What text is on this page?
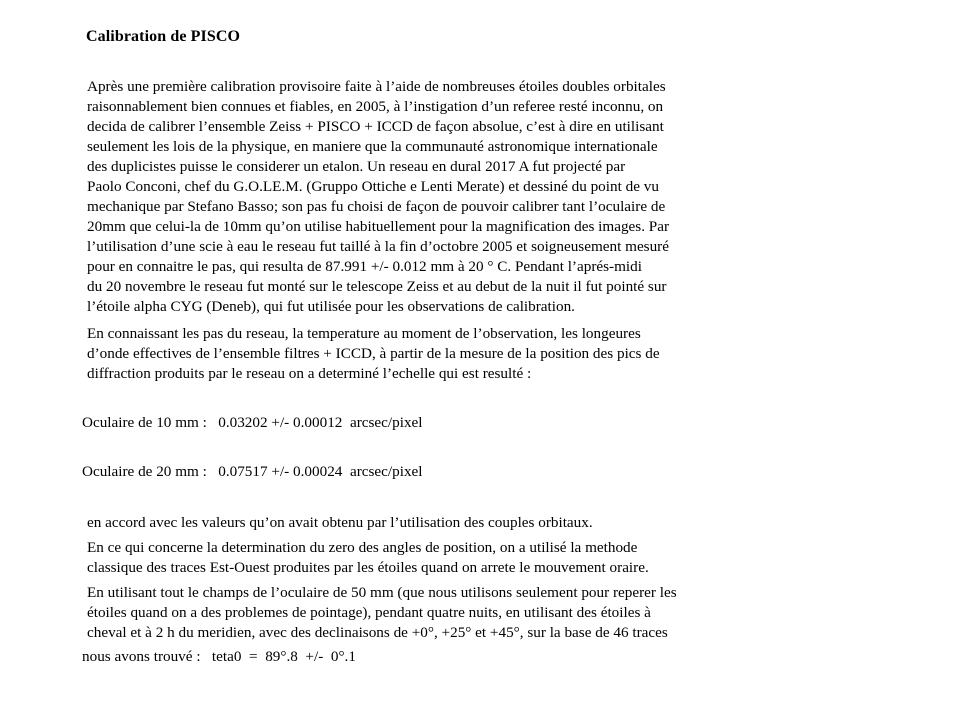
Calibration de PISCO
Après une première calibration provisoire faite à l’aide de nombreuses étoiles doubles orbitales
raisonnablement bien connues et fiables, en 2005, à l’instigation d’un referee resté inconnu, on
decida de calibrer l’ensemble Zeiss + PISCO + ICCD de façon absolue, c’est à dire en utilisant
seulement les lois de la physique, en maniere que la communauté astronomique internationale
des duplicistes puisse le considerer un etalon. Un reseau en dural 2017 A fut projecté par
Paolo Conconi, chef du G.O.LE.M. (Gruppo Ottiche e Lenti Merate) et dessiné du point de vu
mechanique par Stefano Basso; son pas fu choisi de façon de pouvoir calibrer tant l’oculaire de
20mm que celui-la de 10mm qu’on utilise habituellement pour la magnification des images. Par
l’utilisation d’une scie à eau le reseau fut taillé à la fin d’octobre 2005 et soigneusement mesuré
pour en connaitre le pas, qui resulta de 87.991 +/- 0.012 mm à 20 ° C. Pendant l’aprés-midi
du 20 novembre le reseau fut monté sur le telescope Zeiss et au debut de la nuit il fut pointé sur
l’étoile alpha CYG (Deneb), qui fut utilisée pour les observations de calibration.
En connaissant les pas du reseau, la temperature au moment de l’observation, les longeures
d’onde effectives de l’ensemble filtres + ICCD, à partir de la mesure de la position des pics de
diffraction produits par le reseau on a determiné l’echelle qui est resulté :
Oculaire de 10 mm :   0.03202 +/- 0.00012  arcsec/pixel
Oculaire de 20 mm :   0.07517 +/- 0.00024  arcsec/pixel
en accord avec les valeurs qu’on avait obtenu par l’utilisation des couples orbitaux.
En ce qui concerne la determination du zero des angles de position, on a utilisé la methode
classique des traces Est-Ouest produites par les étoiles quand on arrete le mouvement oraire.
En utilisant tout le champs de l’oculaire de 50 mm (que nous utilisons seulement pour reperer les
étoiles quand on a des problemes de pointage), pendant quatre nuits, en utilisant des étoiles à
cheval et à 2 h du meridien, avec des declinaisons de +0°, +25° et +45°, sur la base de 46 traces
nous avons trouvé :   teta0  =  89°.8  +/-  0°.1
